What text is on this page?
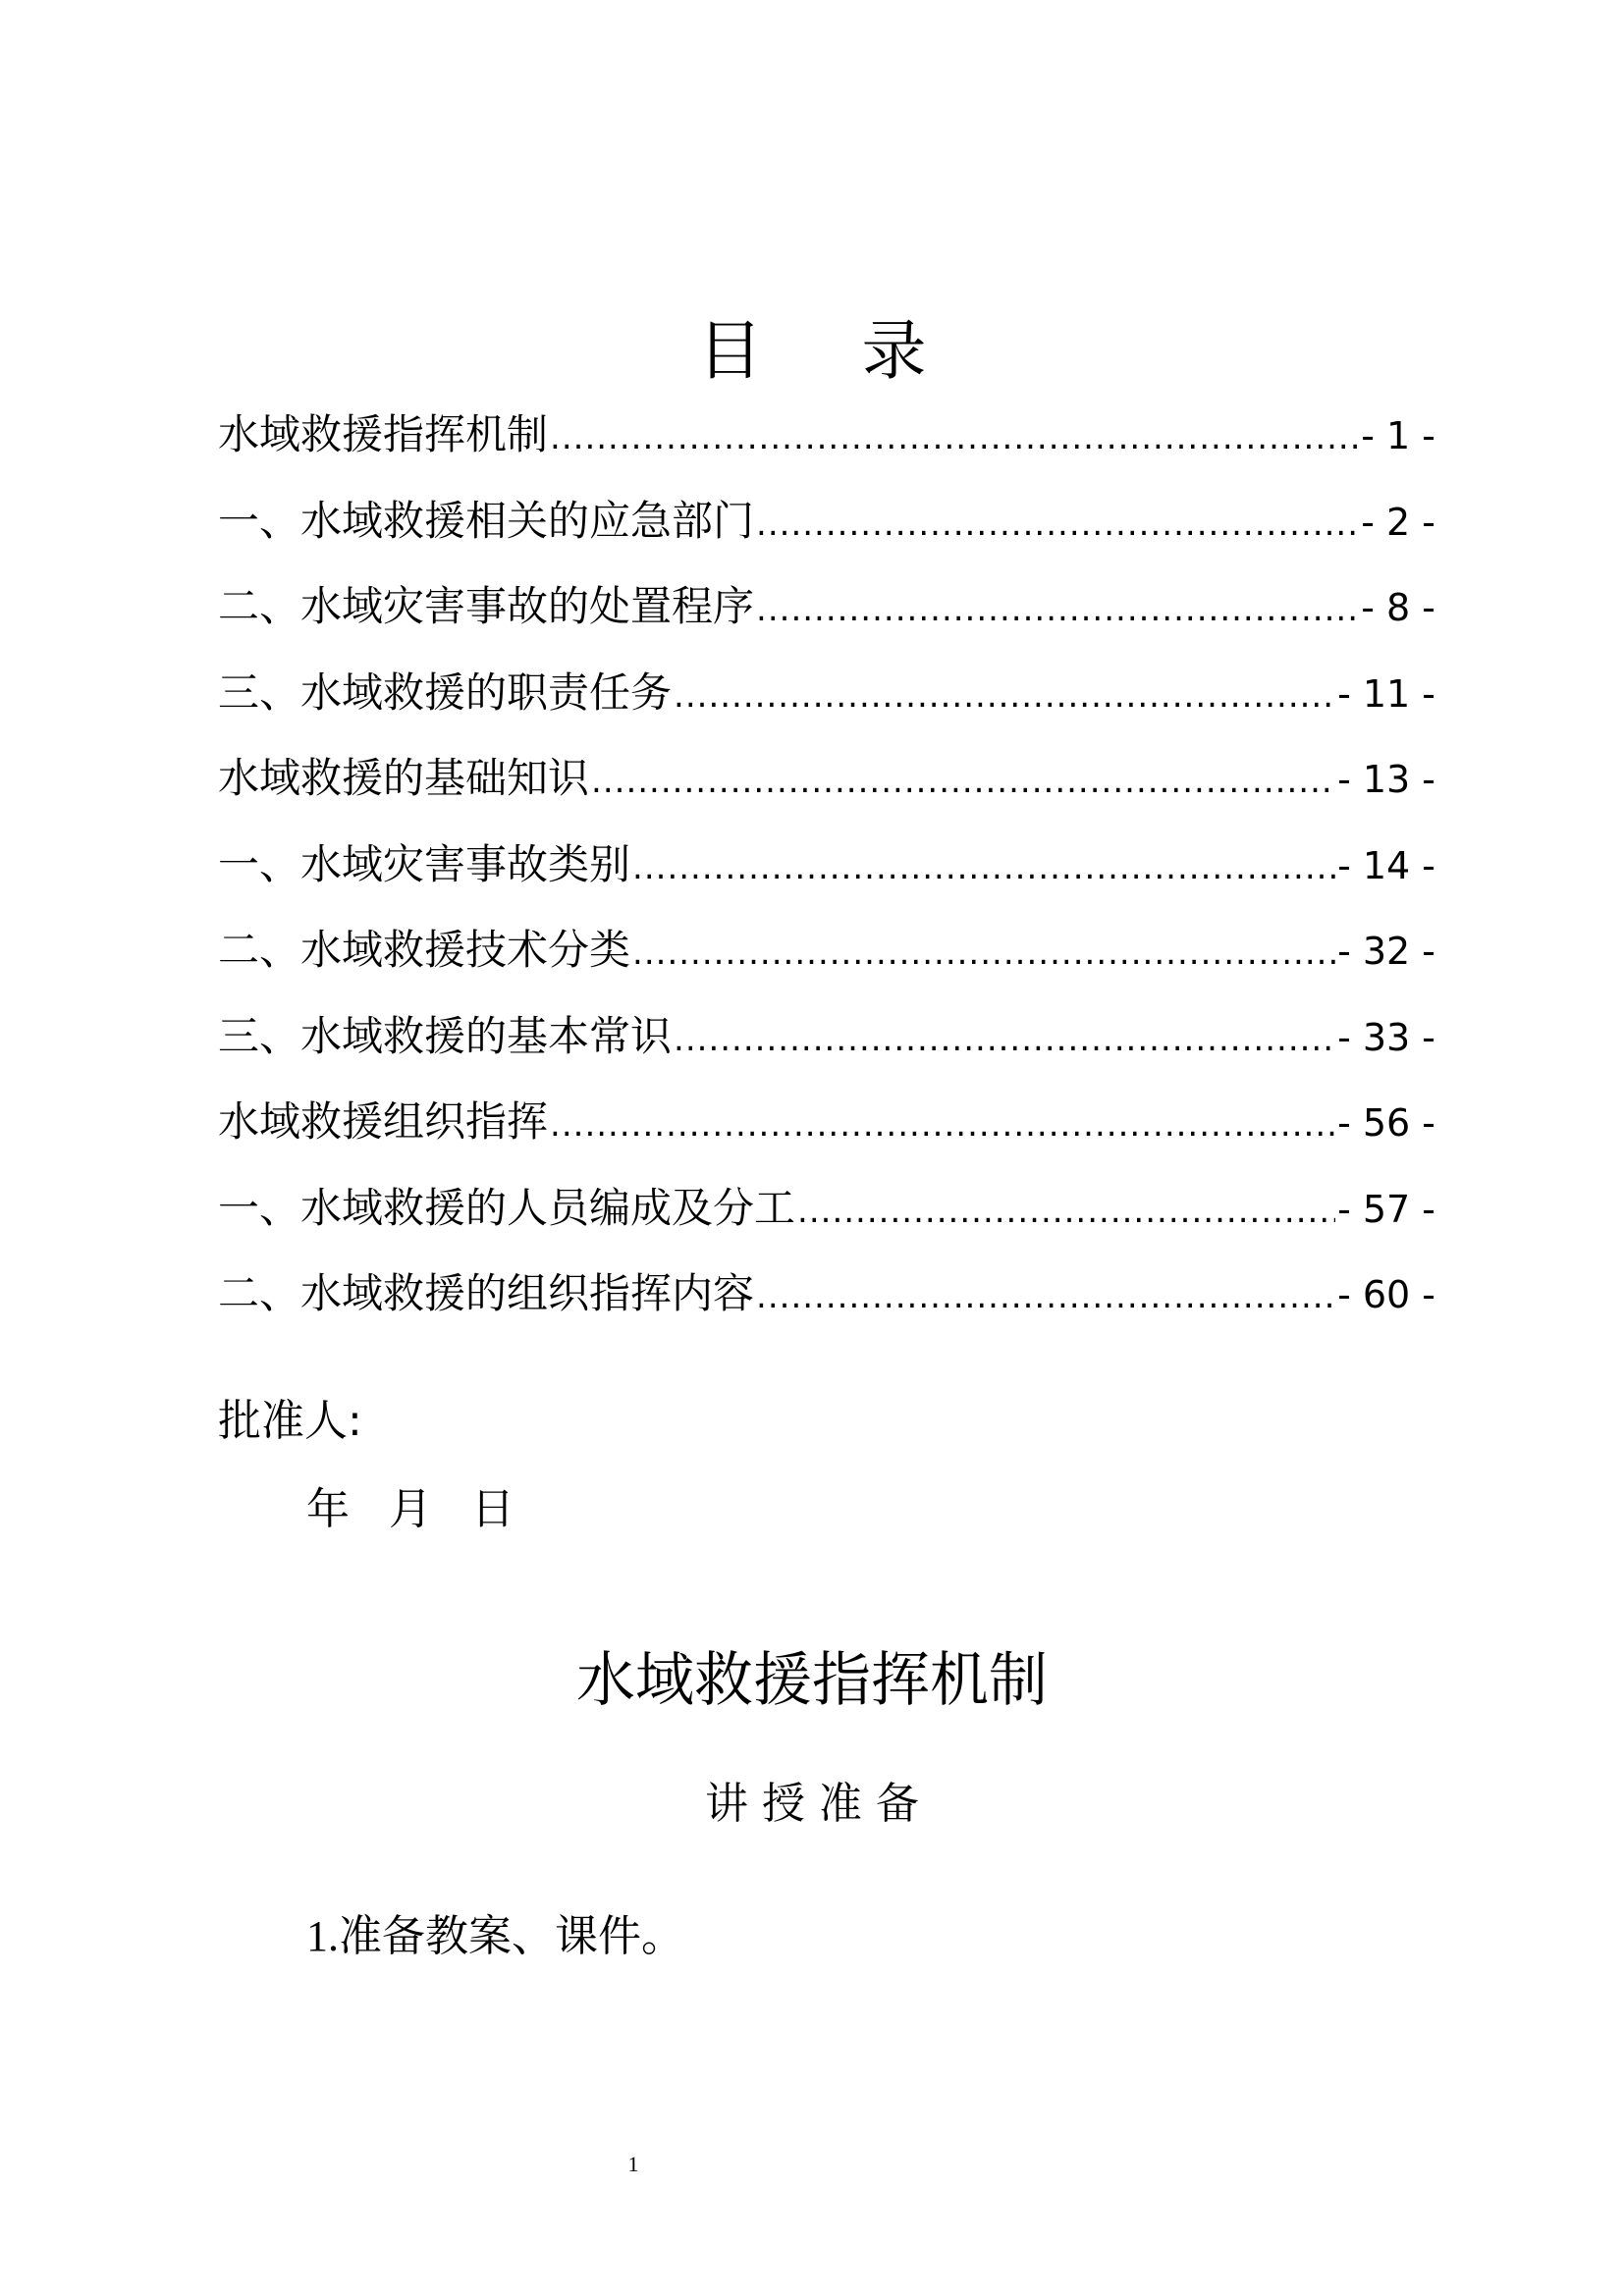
目 录
水域救援指挥机制 .....	- 1 -
一、水域救援相关的应急部门 .....	- 2 -
二、水域灾害事故的处置程序 .....	- 8 -
三、水域救援的职责任务 .....	- 11 -
水域救援的基础知识 .....	- 13 -
一、水域灾害事故类别 .....	- 14 -
二、水域救援技术分类 .....	- 32 -
三、水域救援的基本常识 .....	- 33 -
水域救援组织指挥 .....	- 56 -
一、水域救援的人员编成及分工 .....	- 57 -
二、水域救援的组织指挥内容 .....	- 60 -
批准人:
年 月 日
水域救援指挥机制
讲授准备
1.准备教案、课件。
1
